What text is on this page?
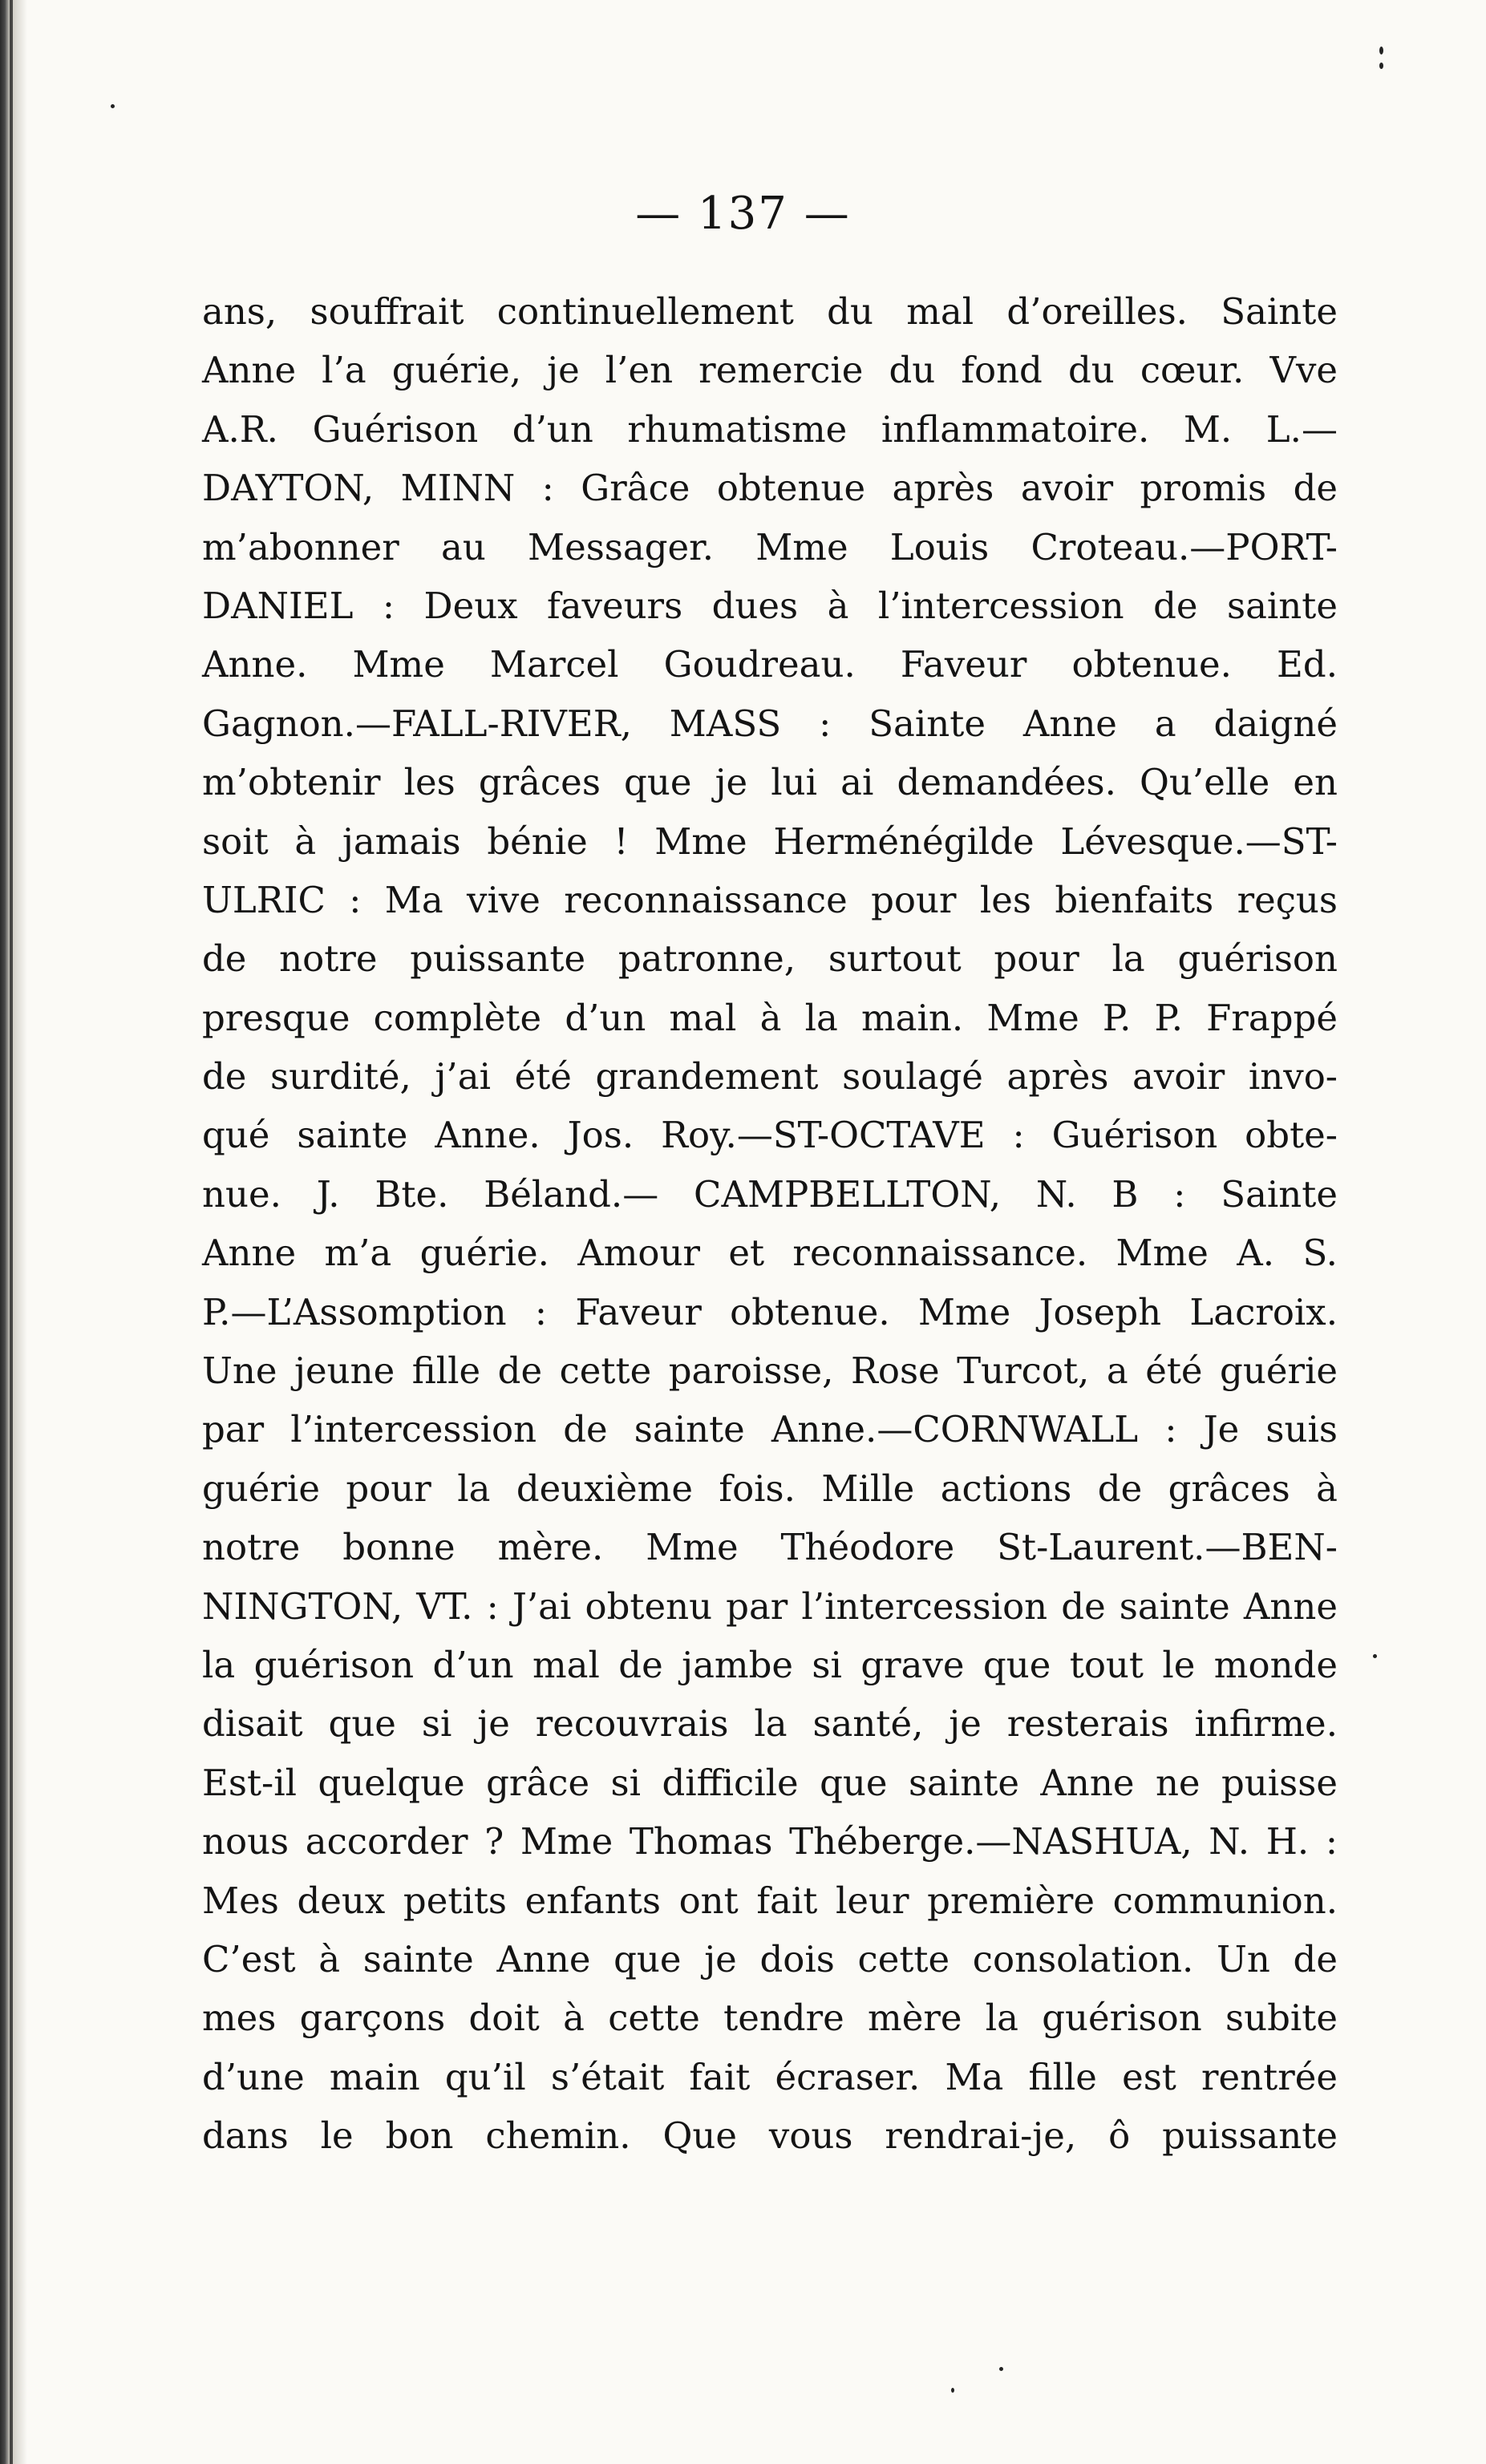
— 137 —
ans, souffrait continuellement du mal d’oreilles. Sainte
Anne l’a guérie, je l’en remercie du fond du cœur. Vve
A.R. Guérison d’un rhumatisme inflammatoire. M. L.—
DAYTON, MINN : Grâce obtenue après avoir promis de
m’abonner au Messager. Mme Louis Croteau.—PORT-
DANIEL : Deux faveurs dues à l’intercession de sainte
Anne. Mme Marcel Goudreau. Faveur obtenue. Ed.
Gagnon.—FALL-RIVER, MASS : Sainte Anne a daigné
m’obtenir les grâces que je lui ai demandées. Qu’elle en
soit à jamais bénie ! Mme Herménégilde Lévesque.—ST-
ULRIC : Ma vive reconnaissance pour les bienfaits reçus
de notre puissante patronne, surtout pour la guérison
presque complète d’un mal à la main. Mme P. P. Frappé
de surdité, j’ai été grandement soulagé après avoir invo-
qué sainte Anne. Jos. Roy.—ST-OCTAVE : Guérison obte-
nue. J. Bte. Béland.— CAMPBELLTON, N. B : Sainte
Anne m’a guérie. Amour et reconnaissance. Mme A. S.
P.—L’Assomption : Faveur obtenue. Mme Joseph Lacroix.
Une jeune fille de cette paroisse, Rose Turcot, a été guérie
par l’intercession de sainte Anne.—CORNWALL : Je suis
guérie pour la deuxième fois. Mille actions de grâces à
notre bonne mère. Mme Théodore St-Laurent.—BEN-
NINGTON, VT. : J’ai obtenu par l’intercession de sainte Anne
la guérison d’un mal de jambe si grave que tout le monde
disait que si je recouvrais la santé, je resterais infirme.
Est-il quelque grâce si difficile que sainte Anne ne puisse
nous accorder ? Mme Thomas Théberge.—NASHUA, N. H. :
Mes deux petits enfants ont fait leur première communion.
C’est à sainte Anne que je dois cette consolation. Un de
mes garçons doit à cette tendre mère la guérison subite
d’une main qu’il s’était fait écraser. Ma fille est rentrée
dans le bon chemin. Que vous rendrai-je, ô puissante
